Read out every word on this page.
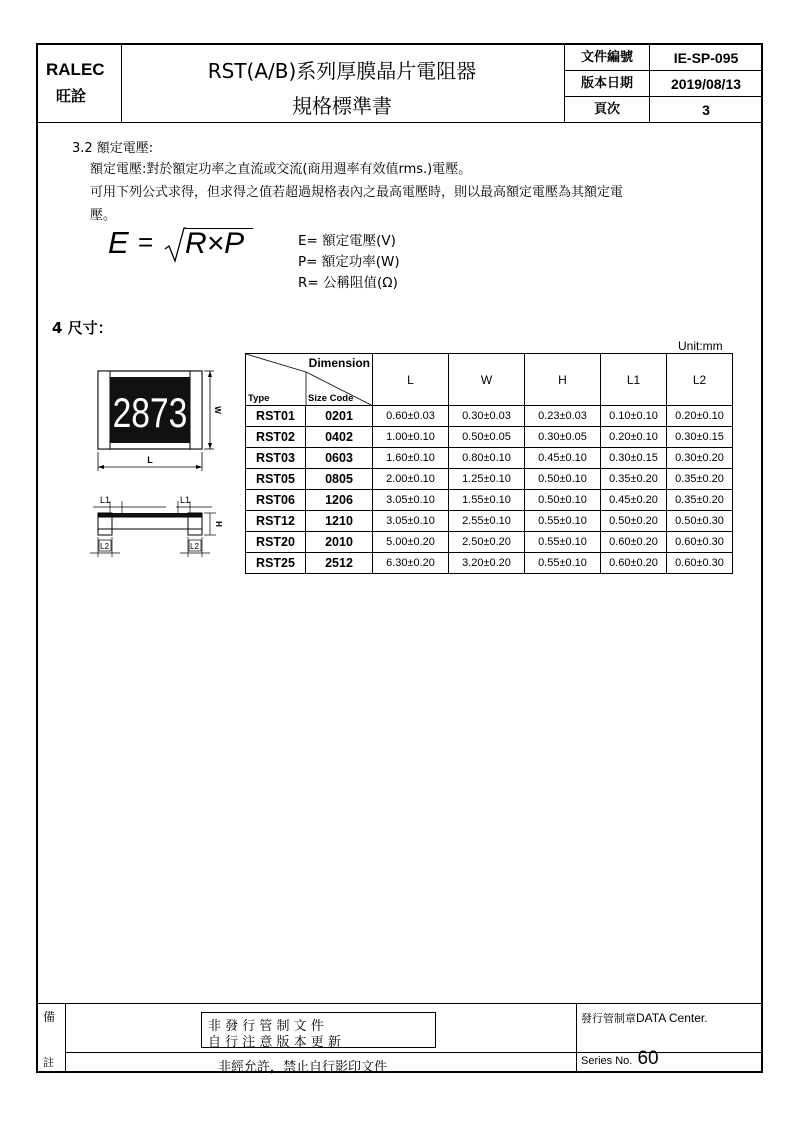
RALEC
旺詮
RST(A/B)系列厚膜晶片電阻器
規格標準書
文件編號	IE-SP-095
版本日期	2019/08/13
頁次	3
3.2 額定電壓:
額定電壓:對於額定功率之直流或交流(商用週率有效值rms.)電壓。
可用下列公式求得，但求得之值若超過規格表內之最高電壓時，則以最高額定電壓為其額定電
壓。
E = R×P	E= 額定電壓(V)
P= 額定功率(W)
R= 公稱阻值(Ω)
4 尺寸：
2873	W
L
L1	L1
H
L2	L2
Unit:mm
Dimension
Type Size Code		L	W	H	L1	L2
RST01	0201	0.60±0.03	0.30±0.03	0.23±0.03	0.10±0.10	0.20±0.10
RST02	0402	1.00±0.10	0.50±0.05	0.30±0.05	0.20±0.10	0.30±0.15
RST03	0603	1.60±0.10	0.80±0.10	0.45±0.10	0.30±0.15	0.30±0.20
RST05	0805	2.00±0.10	1.25±0.10	0.50±0.10	0.35±0.20	0.35±0.20
RST06	1206	3.05±0.10	1.55±0.10	0.50±0.10	0.45±0.20	0.35±0.20
RST12	1210	3.05±0.10	2.55±0.10	0.55±0.10	0.50±0.20	0.50±0.30
RST20	2010	5.00±0.20	2.50±0.20	0.55±0.10	0.60±0.20	0.60±0.30
RST25	2512	6.30±0.20	3.20±0.20	0.55±0.10	0.60±0.20	0.60±0.30
備
註
非 發 行 管 制 文 件
自 行 注 意 版 本 更 新
非經允許，禁止自行影印文件
發行管制章DATA Center.
Series No. 60
